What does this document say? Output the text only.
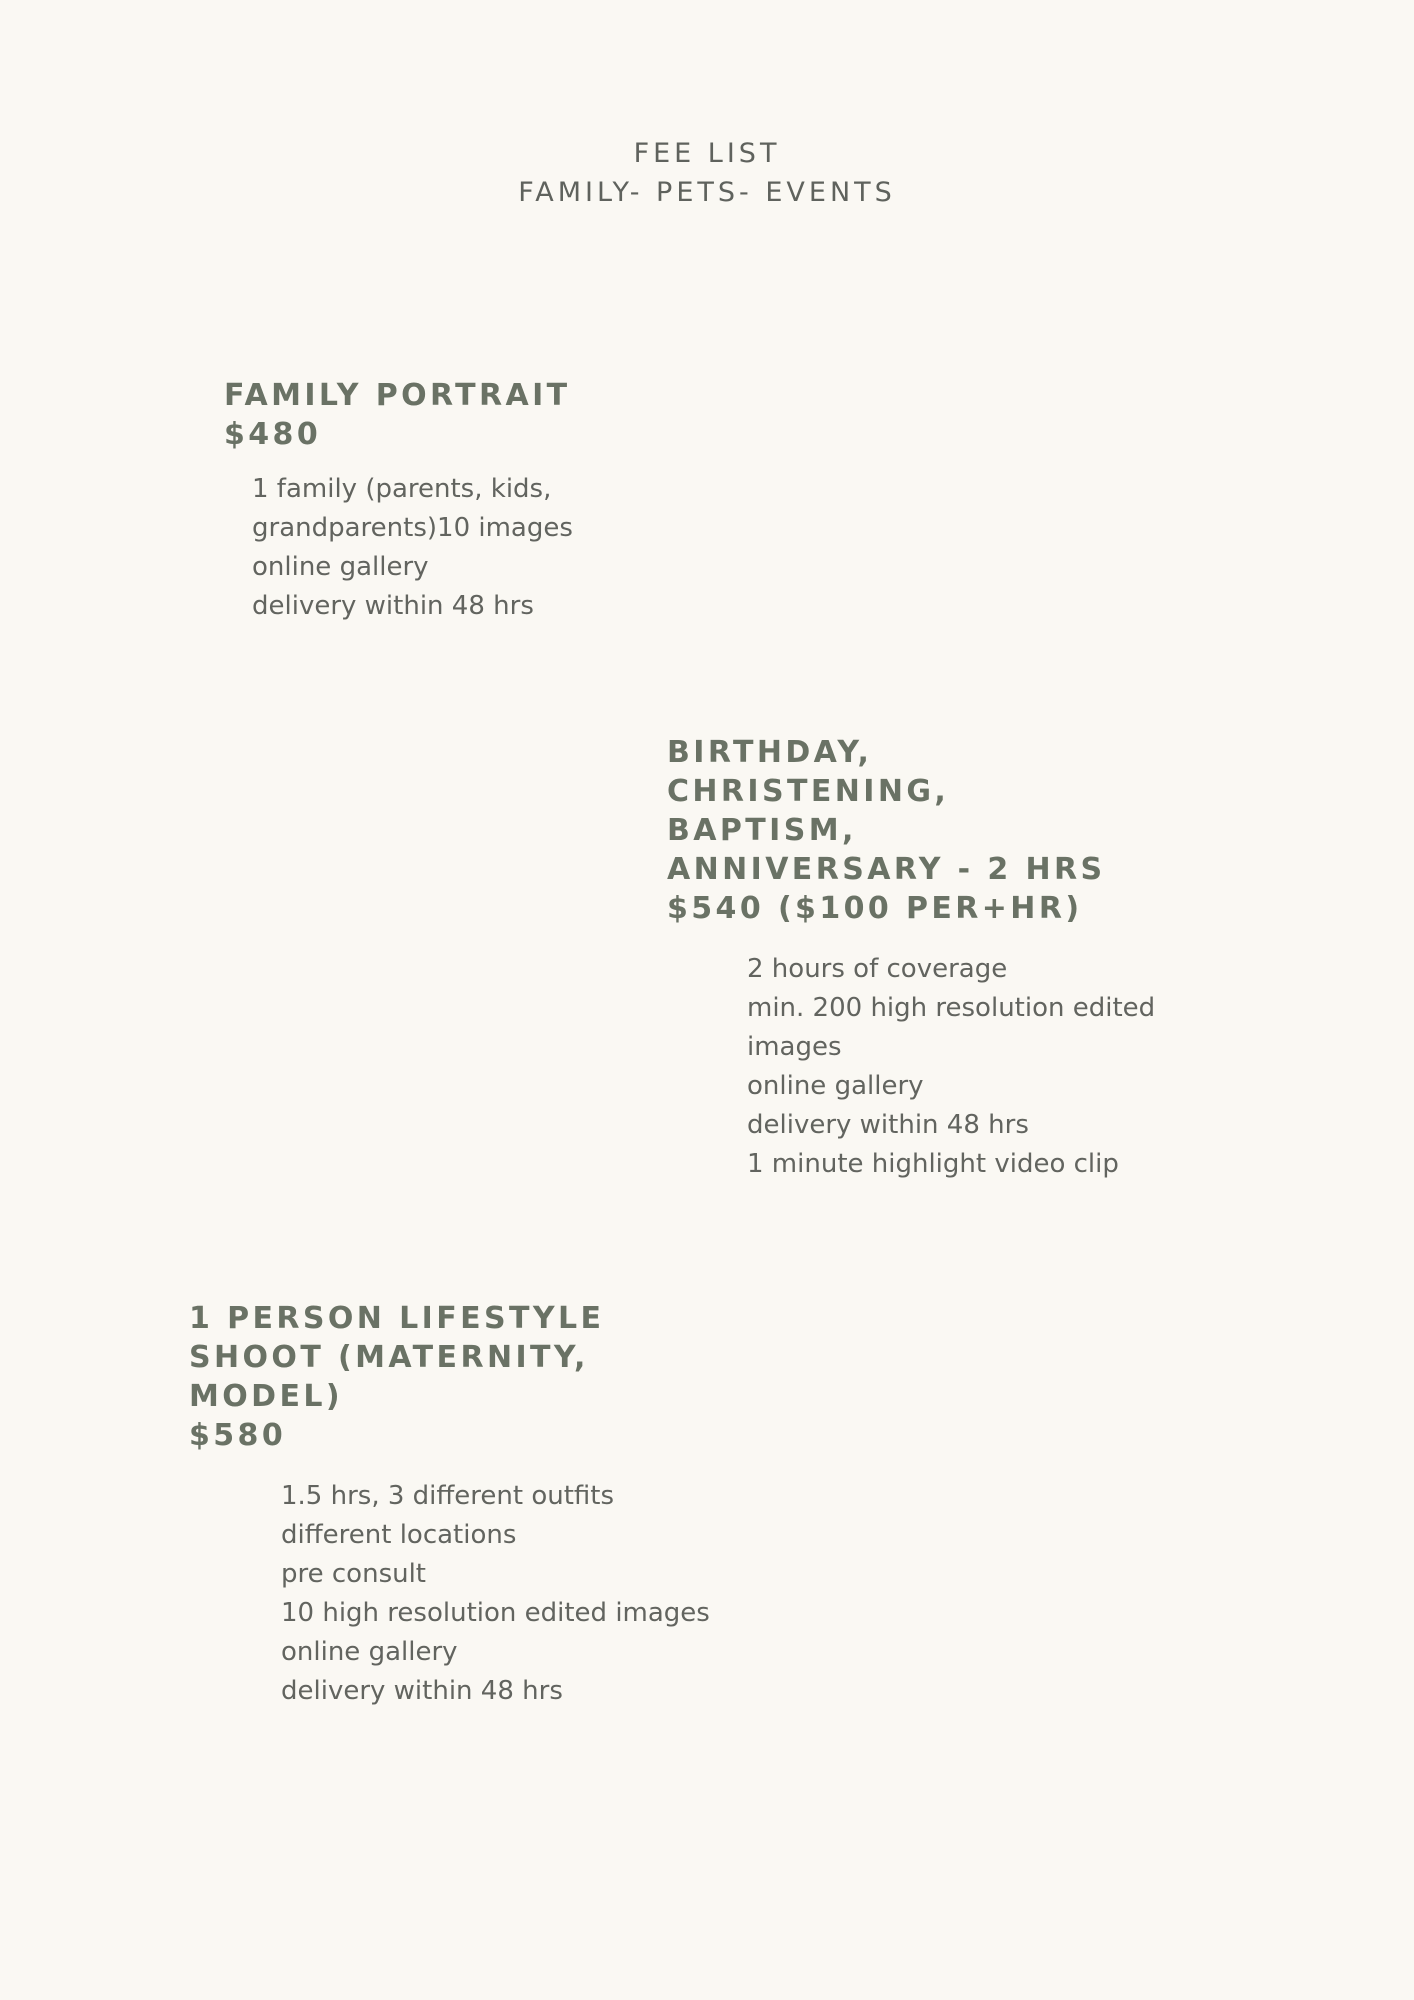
FEE LIST
FAMILY- PETS- EVENTS
FAMILY PORTRAIT
$480
1 family (parents, kids,
grandparents)10 images
online gallery
delivery within 48 hrs
BIRTHDAY,
CHRISTENING,
BAPTISM,
ANNIVERSARY - 2 HRS
$540 ($100 PER+HR)
2 hours of coverage
min. 200 high resolution edited
images
online gallery
delivery within 48 hrs
1 minute highlight video clip
1 PERSON LIFESTYLE
SHOOT (MATERNITY,
MODEL)
$580
1.5 hrs, 3 different outfits
different locations
pre consult
10 high resolution edited images
online gallery
delivery within 48 hrs
